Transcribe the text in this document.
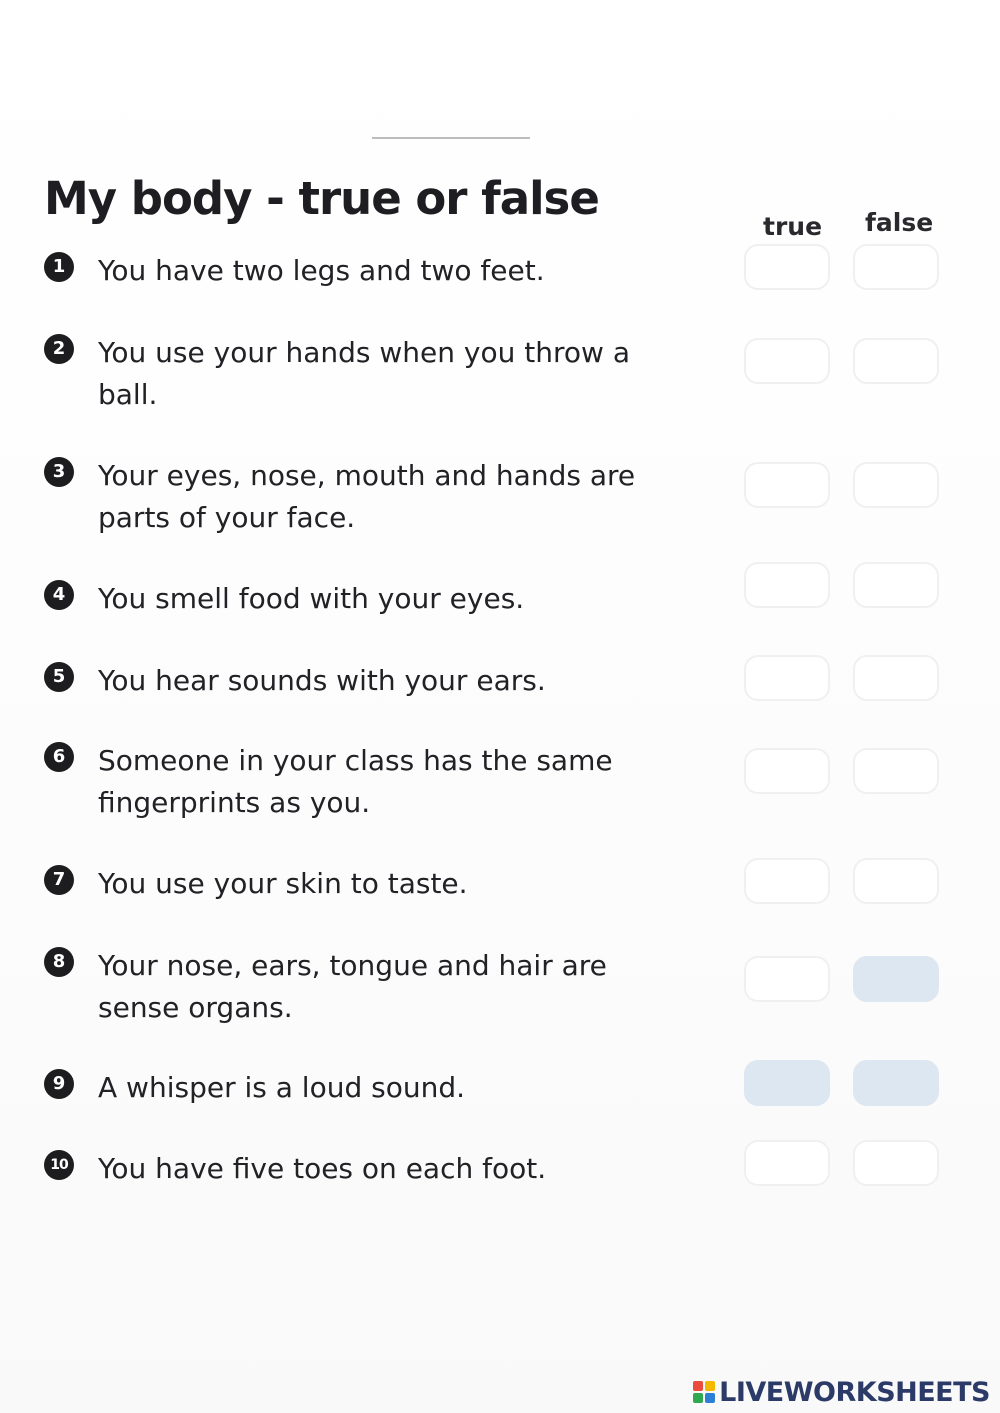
My body - true or false
true false
1	You have two legs and two feet.
2	You use your hands when you throw a
ball.
3	Your eyes, nose, mouth and hands are
parts of your face.
4	You smell food with your eyes.
5	You hear sounds with your ears.
6	Someone in your class has the same
fingerprints as you.
7	You use your skin to taste.
8	Your nose, ears, tongue and hair are
sense organs.
9	A whisper is a loud sound.
10 You have five toes on each foot.
LIVEWORKSHEETS
